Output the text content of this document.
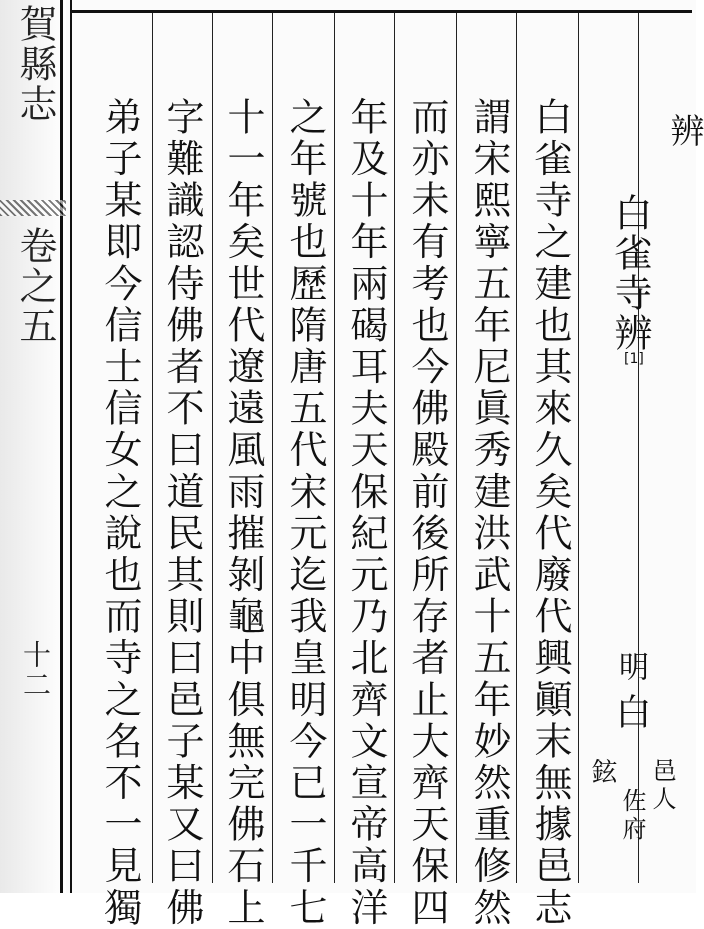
賀縣志
卷之五
十二
辨
白雀寺辨
[1]
明
白
邑人
佐府
鉉
白雀寺之建也其來久矣代廢代興顚末無據邑志
謂宋熙寧五年尼眞秀建洪武十五年妙然重修然
而亦未有考也今佛殿前後所存者止大齊天保四
年及十年兩碣耳夫天保紀元乃北齊文宣帝高洋
之年號也歷隋唐五代宋元迄我皇明今已一千七
十一年矣世代遼遠風雨摧剝龜中俱無完佛石上
字難識認侍佛者不曰道民其則曰邑子某又曰佛
弟子某即今信士信女之說也而寺之名不一見獨
